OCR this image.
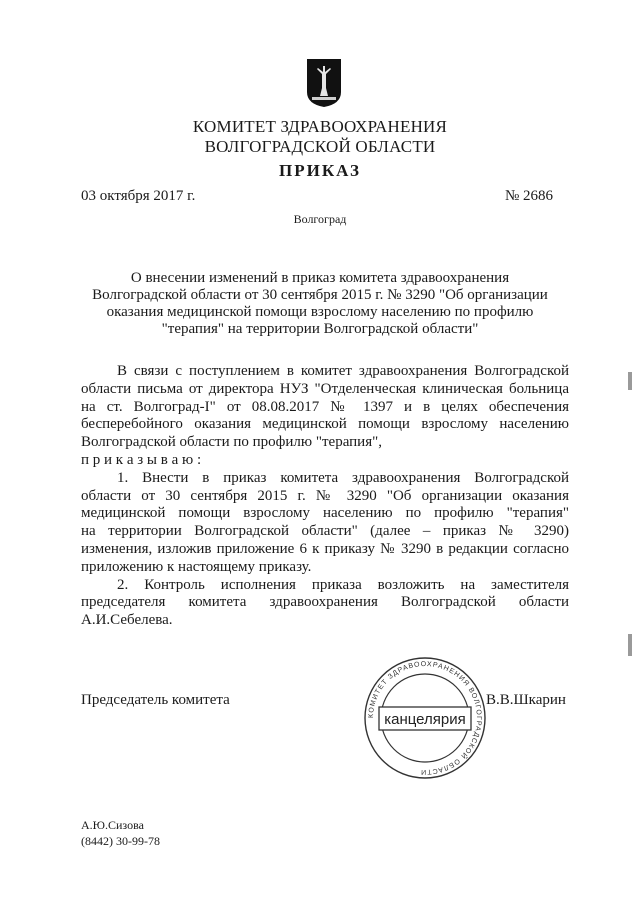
КОМИТЕТ ЗДРАВООХРАНЕНИЯ
ВОЛГОГРАДСКОЙ ОБЛАСТИ
ПРИКАЗ
03 октября 2017 г.	№ 2686
Волгоград
О внесении изменений в приказ комитета здравоохранения
Волгоградской области от 30 сентября 2015 г. № 3290 "Об организации
оказания медицинской помощи взрослому населению по профилю
"терапия" на территории Волгоградской области"
В связи с поступлением в комитет здравоохранения Волгоградской
области письма от директора НУЗ "Отделенческая клиническая больница
на ст. Волгоград-I" от 08.08.2017 № 1397 и в целях обеспечения
бесперебойного оказания медицинской помощи взрослому населению
Волгоградской области по профилю "терапия",
п р и к а з ы в а ю :
1. Внести в приказ комитета здравоохранения Волгоградской
области от 30 сентября 2015 г. № 3290 "Об организации оказания
медицинской помощи взрослому населению по профилю "терапия"
на территории Волгоградской области" (далее – приказ № 3290)
изменения, изложив приложение 6 к приказу № 3290 в редакции согласно
приложению к настоящему приказу.
2. Контроль исполнения приказа возложить на заместителя
председателя комитета здравоохранения Волгоградской области
А.И.Себелева.
Председатель комитета	В.В.Шкарин
КОМИТЕТ ЗДРАВООХРАНЕНИЯ ВОЛГОГРАДСКОЙ ОБЛАСТИ
канцелярия
А.Ю.Сизова
(8442) 30-99-78
